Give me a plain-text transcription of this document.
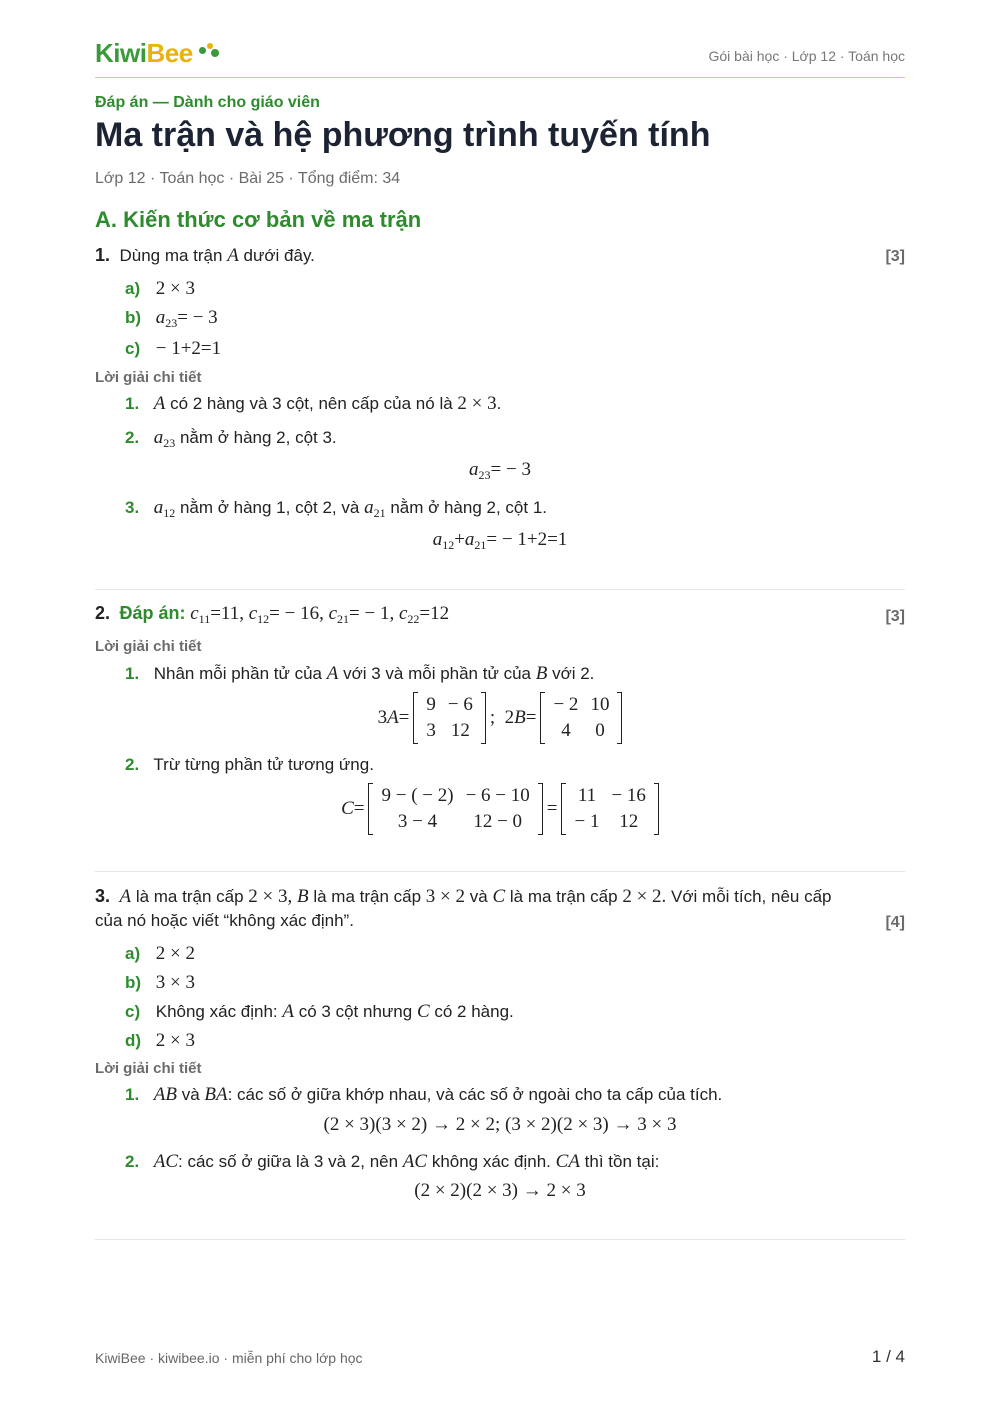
KiwiBee	Gói bài học · Lớp 12 · Toán học
Đáp án — Dành cho giáo viên
Ma trận và hệ phương trình tuyến tính
Lớp 12 · Toán học · Bài 25 · Tổng điểm: 34
A. Kiến thức cơ bản về ma trận
1. Dùng ma trận A dưới đây.	[3]
a) 2 × 3
b) $a_{23}= - 3$
c) − 1+2=1
Lời giải chi tiết
1. A có 2 hàng và 3 cột, nên cấp của nó là 2 × 3.
2. $a_{23}$ nằm ở hàng 2, cột 3.
$a_{23}= - 3$
3. $a_{12}$ nằm ở hàng 1, cột 2, và $a_{21}$ nằm ở hàng 2, cột 1.
$a_{12}+a_{21}= - 1+2=1$
2. Đáp án: $c_{11}=11$, $c_{12}= - 16$, $c_{21}= - 1$, $c_{22}=12$	[3]
Lời giải chi tiết
1. Nhân mỗi phần tử của A với 3 và mỗi phần tử của B với 2.
3A=
9	− 6
3	12
;  2B=
− 2	10
4	0
2. Trừ từng phần tử tương ứng.
C=
9 − ( − 2)	− 6 − 10
3 − 4	12 − 0
=
11	− 16
− 1	12
3. A là ma trận cấp 2 × 3, B là ma trận cấp 3 × 2 và C là ma trận cấp 2 × 2. Với mỗi tích, nêu cấp
của nó hoặc viết “không xác định”.	[4]
a) 2 × 2
b) 3 × 3
c) Không xác định: A có 3 cột nhưng C có 2 hàng.
d) 2 × 3
Lời giải chi tiết
1. AB và BA: các số ở giữa khớp nhau, và các số ở ngoài cho ta cấp của tích.
(2 × 3)(3 × 2) → 2 × 2; (3 × 2)(2 × 3) → 3 × 3
2. AC: các số ở giữa là 3 và 2, nên AC không xác định. CA thì tồn tại:
(2 × 2)(2 × 3) → 2 × 3
KiwiBee · kiwibee.io · miễn phí cho lớp học	1 / 4
